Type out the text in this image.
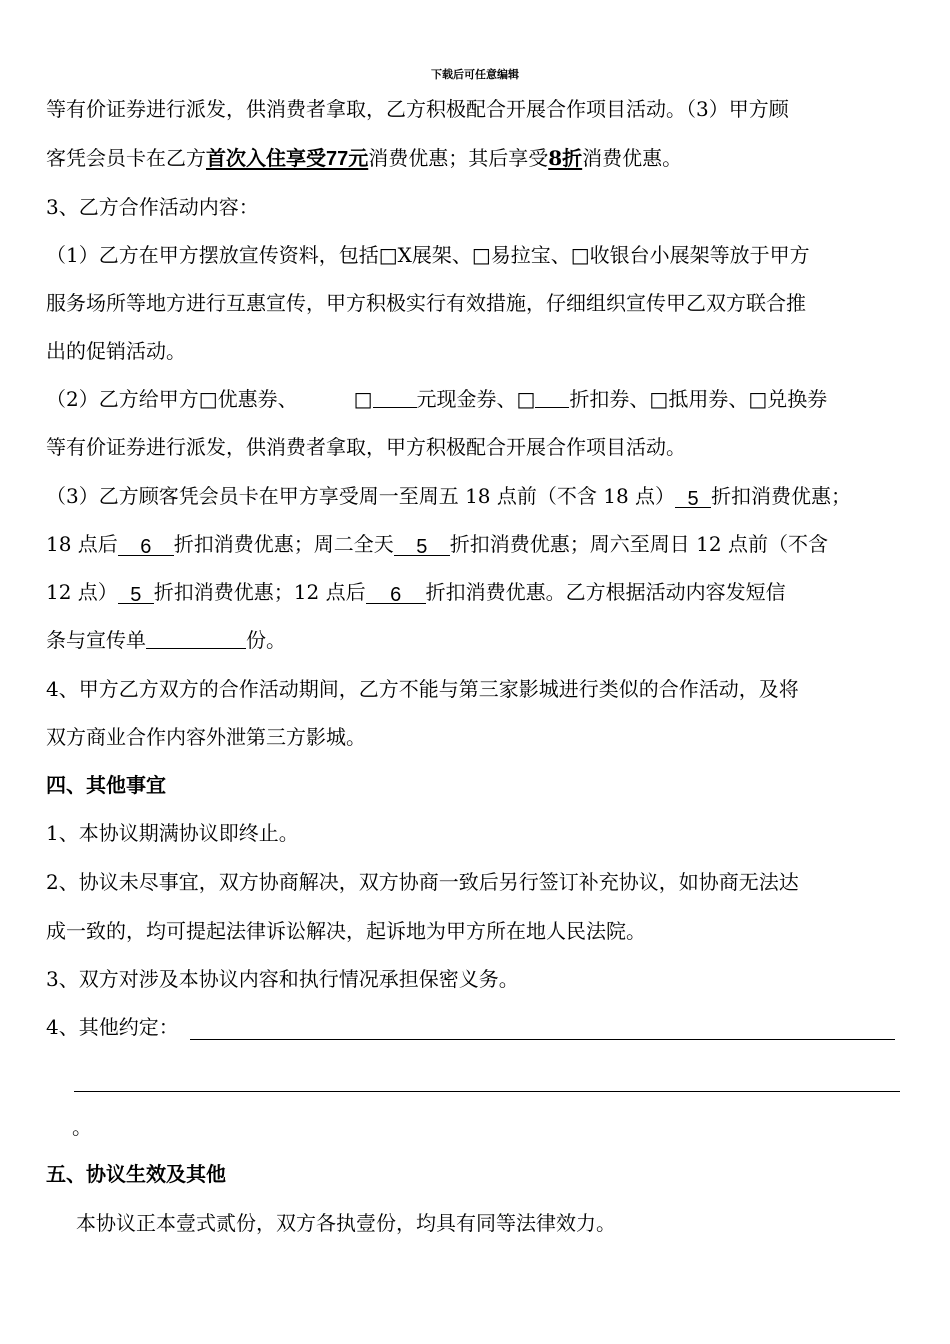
下载后可任意编辑
等有价证券进行派发，供消费者拿取，乙方积极配合开展合作项目活动。（3）甲方顾
客凭会员卡在乙方首次入住享受77元消费优惠；其后享受8折消费优惠。
3、乙方合作活动内容：
（1）乙方在甲方摆放宣传资料，包括□X展架、□易拉宝、□收银台小展架等放于甲方
服务场所等地方进行互惠宣传，甲方积极实行有效措施，仔细组织宣传甲乙双方联合推
出的促销活动。
（2）乙方给甲方□优惠券、	□ 元现金券、□ 折扣券、□抵用券、□兑换券
等有价证券进行派发，供消费者拿取，甲方积极配合开展合作项目活动。
（3）乙方顾客凭会员卡在甲方享受周一至周五 18 点前（不含 18 点） 5 折扣消费优惠；
18 点后 6 折扣消费优惠；周二全天 5 折扣消费优惠；周六至周日 12 点前（不含
12 点） 5 折扣消费优惠；12 点后 6 折扣消费优惠。乙方根据活动内容发短信
条与宣传单	份。
4、甲方乙方双方的合作活动期间，乙方不能与第三家影城进行类似的合作活动，及将
双方商业合作内容外泄第三方影城。
四、其他事宜
1、本协议期满协议即终止。
2、协议未尽事宜，双方协商解决，双方协商一致后另行签订补充协议，如协商无法达
成一致的，均可提起法律诉讼解决，起诉地为甲方所在地人民法院。
3、双方对涉及本协议内容和执行情况承担保密义务。
4、其他约定：
。
五、协议生效及其他
本协议正本壹式贰份，双方各执壹份，均具有同等法律效力。
